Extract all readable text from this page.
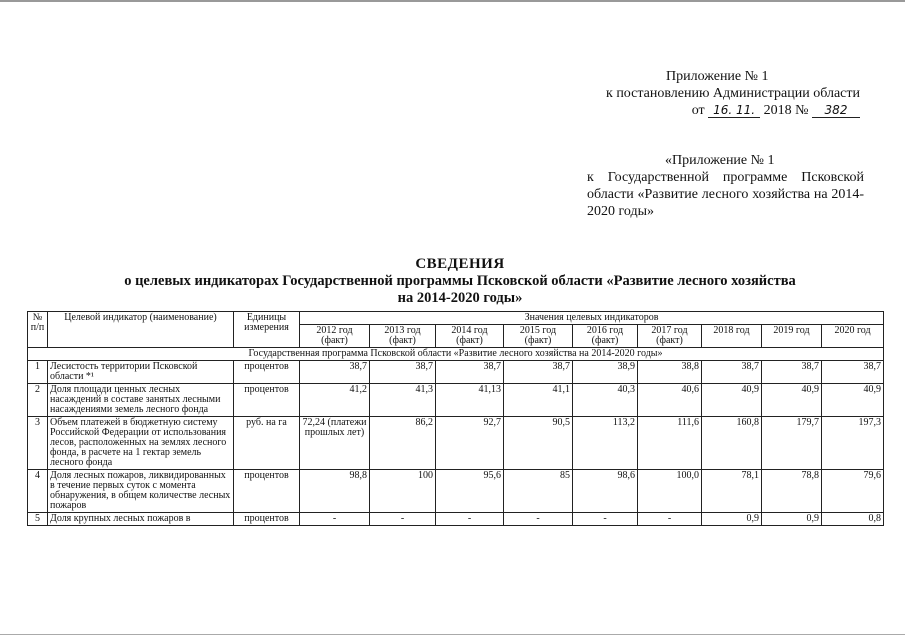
Приложение № 1
к постановлению Администрации области
от 16. 11. 2018 № 382
«Приложение № 1
к Государственной программе Псковской области «Развитие лесного хозяйства на 2014-2020 годы»
СВЕДЕНИЯ
о целевых индикаторах Государственной программы Псковской области «Развитие лесного хозяйства
на 2014-2020 годы»
№ п/п	Целевой индикатор (наименование)	Единицы измерения	Значения целевых индикаторов								
			2012 год (факт)	2013 год (факт)	2014 год (факт)	2015 год (факт)	2016 год (факт)	2017 год (факт)	2018 год	2019 год	2020 год
Государственная программа Псковской области «Развитие лесного хозяйства на 2014-2020 годы»											
1	Лесистость территории Псковской области *¹	процентов	38,7	38,7	38,7	38,7	38,9	38,8	38,7	38,7	38,7
2	Доля площади ценных лесных насаждений в составе занятых лесными насаждениями земель лесного фонда	процентов	41,2	41,3	41,13	41,1	40,3	40,6	40,9	40,9	40,9
3	Объем платежей в бюджетную систему Российской Федерации от использования лесов, расположенных на землях лесного фонда, в расчете на 1 гектар земель лесного фонда	руб. на га	72,24 (платежи прошлых лет)	86,2	92,7	90,5	113,2	111,6	160,8	179,7	197,3
4	Доля лесных пожаров, ликвидированных в течение первых суток с момента обнаружения, в общем количестве лесных пожаров	процентов	98,8	100	95,6	85	98,6	100,0	78,1	78,8	79,6
5	Доля крупных лесных пожаров в	процентов	-	-	-	-	-	-	0,9	0,9	0,8
